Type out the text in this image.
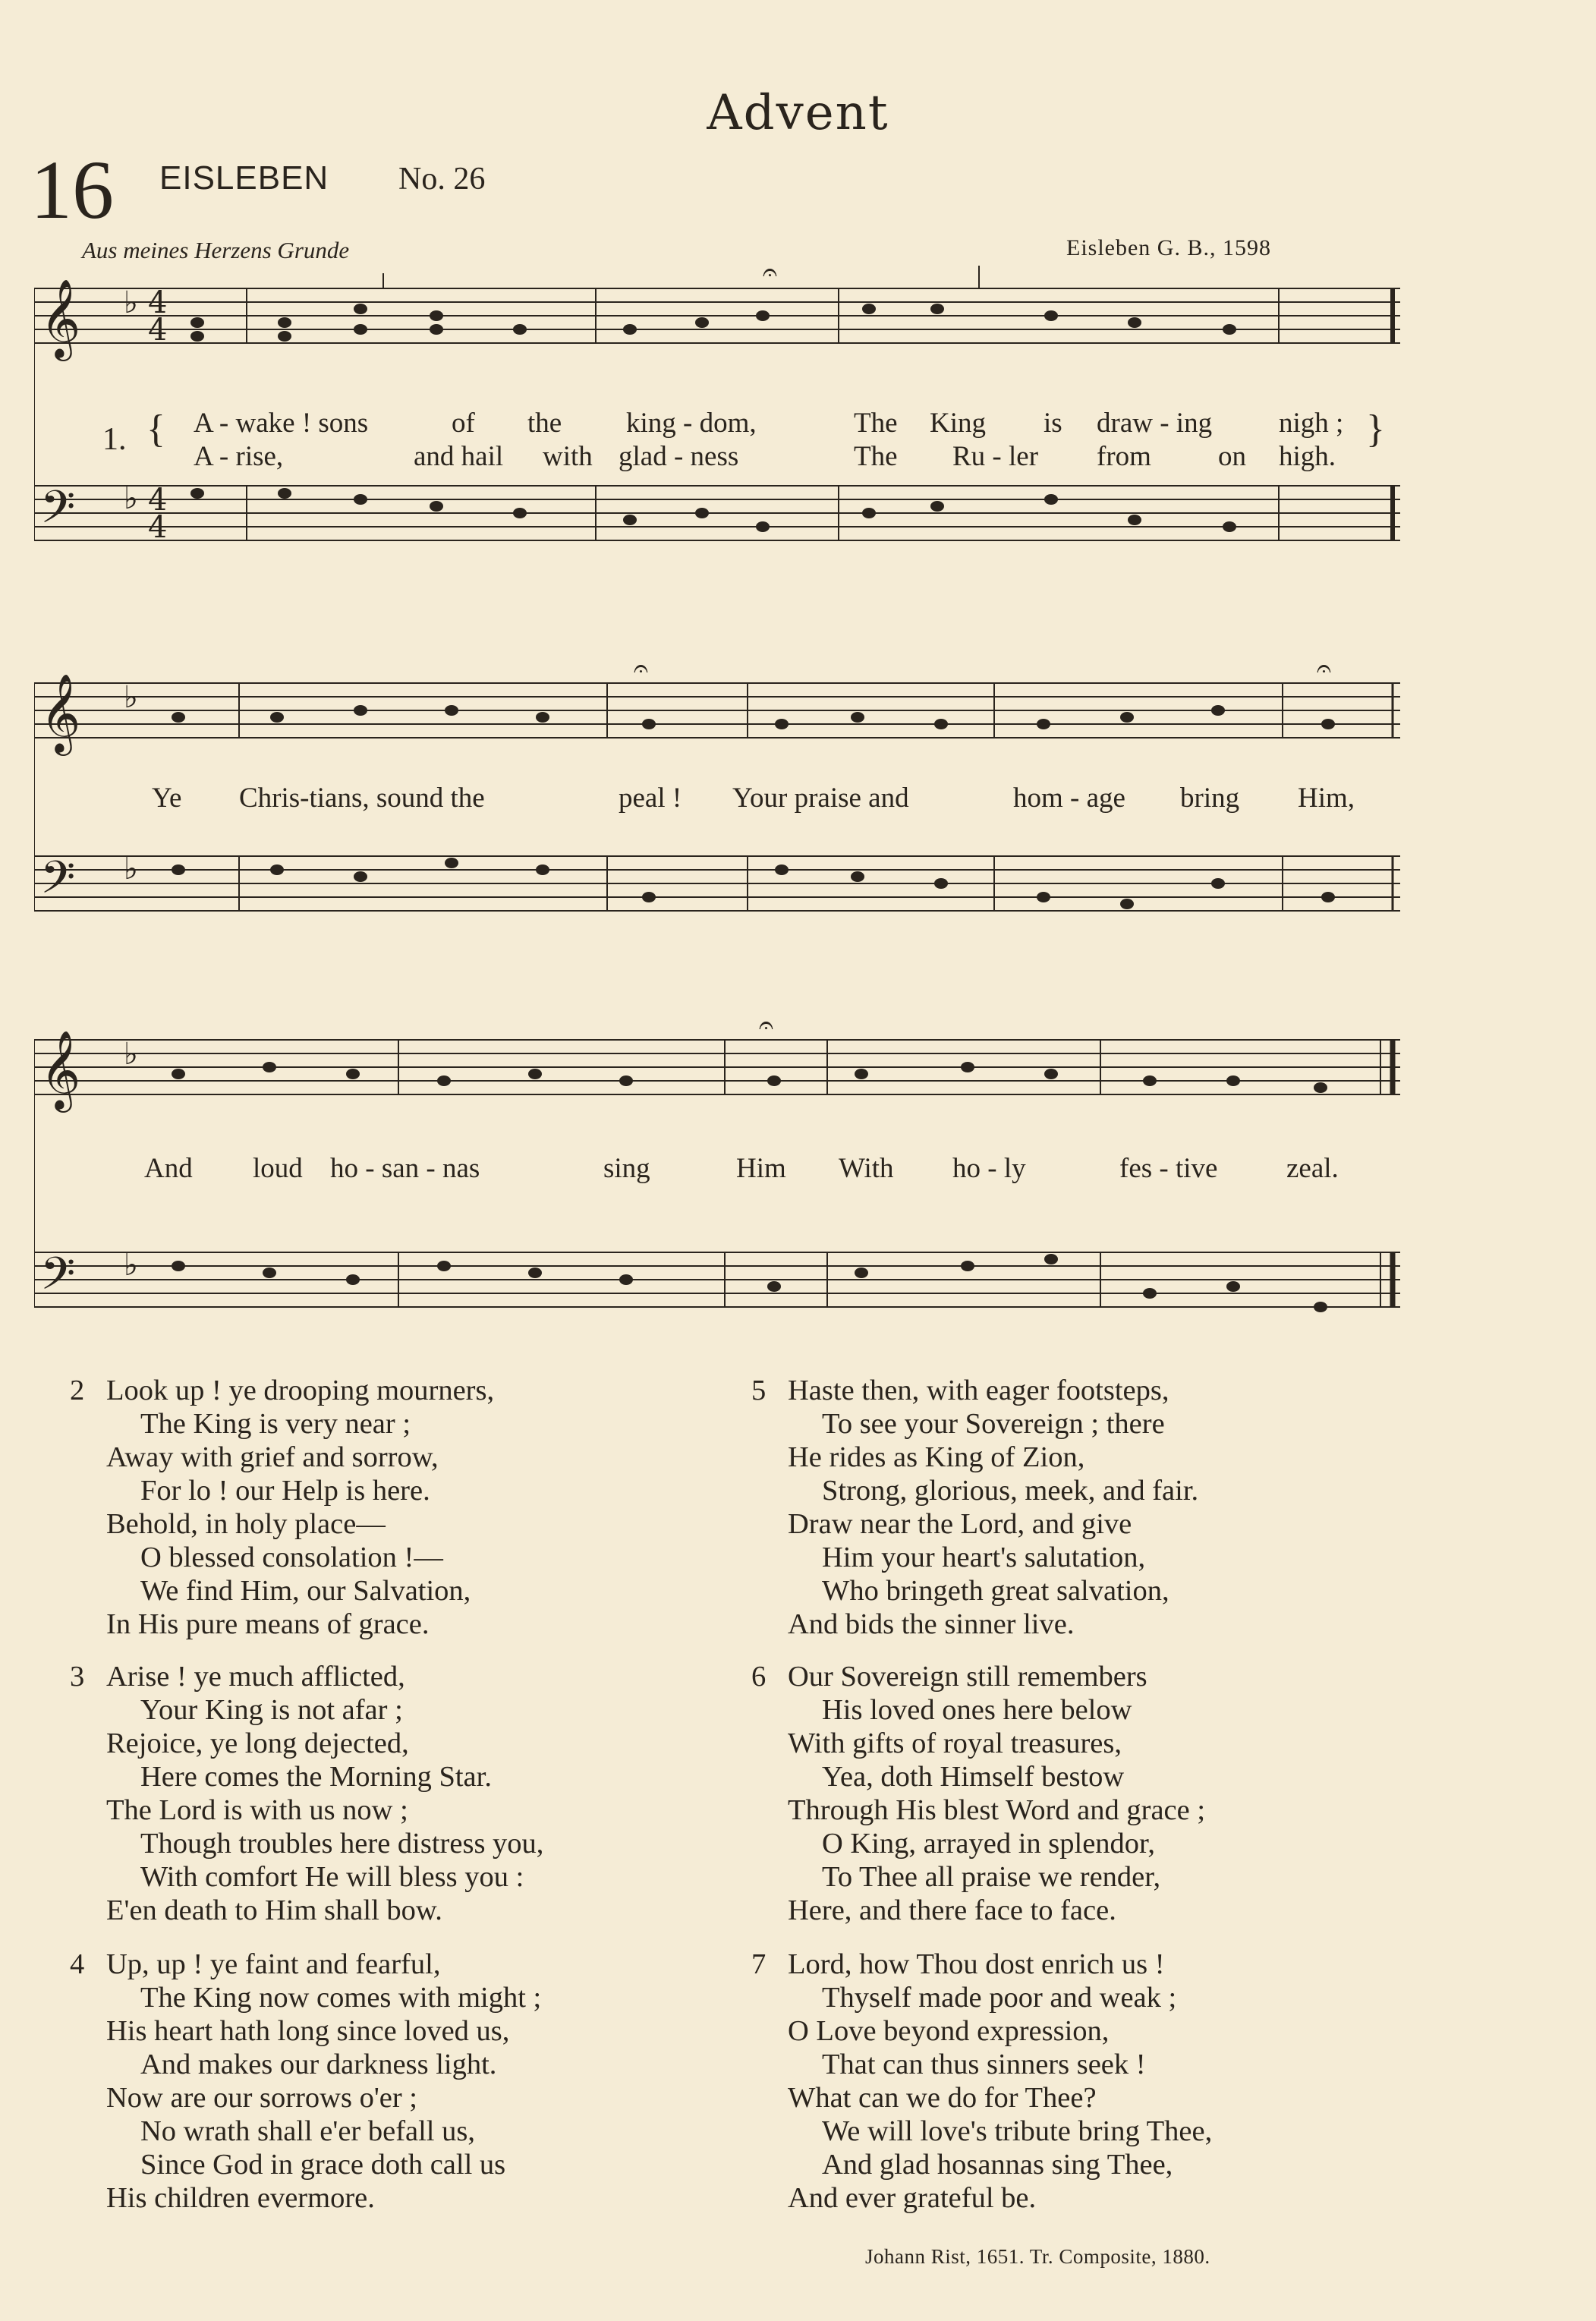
Advent
16 EISLEBEN No. 26
Aus meines Herzens Grunde	Eisleben G. B., 1598
𝄞
𝄢
♭
♭
4
4
4
4
𝄐
1. { A - wake ! sons	of the king - dom,	The King is draw - ing nigh ;
A - rise,	and hail with glad - ness	The Ru - ler from on high.
}
𝄞
𝄢
♭
♭
𝄐	𝄐
Ye Chris-tians, sound the	peal ! Your praise and	hom - age bring Him,
𝄞
𝄢
♭
♭
𝄐
And loud ho - san - nas	sing	Him With ho - ly	fes - tive zeal.
2 Look up ! ye drooping mourners,
The King is very near ;
Away with grief and sorrow,
For lo ! our Help is here.
Behold, in holy place—
O blessed consolation !—
We find Him, our Salvation,
In His pure means of grace.
3 Arise ! ye much afflicted,
Your King is not afar ;
Rejoice, ye long dejected,
Here comes the Morning Star.
The Lord is with us now ;
Though troubles here distress you,
With comfort He will bless you :
E'en death to Him shall bow.
4 Up, up ! ye faint and fearful,
The King now comes with might ;
His heart hath long since loved us,
And makes our darkness light.
Now are our sorrows o'er ;
No wrath shall e'er befall us,
Since God in grace doth call us
His children evermore.
5 Haste then, with eager footsteps,
To see your Sovereign ; there
He rides as King of Zion,
Strong, glorious, meek, and fair.
Draw near the Lord, and give
Him your heart's salutation,
Who bringeth great salvation,
And bids the sinner live.
6 Our Sovereign still remembers
His loved ones here below
With gifts of royal treasures,
Yea, doth Himself bestow
Through His blest Word and grace ;
O King, arrayed in splendor,
To Thee all praise we render,
Here, and there face to face.
7 Lord, how Thou dost enrich us !
Thyself made poor and weak ;
O Love beyond expression,
That can thus sinners seek !
What can we do for Thee?
We will love's tribute bring Thee,
And glad hosannas sing Thee,
And ever grateful be.
Johann Rist, 1651. Tr. Composite, 1880.
